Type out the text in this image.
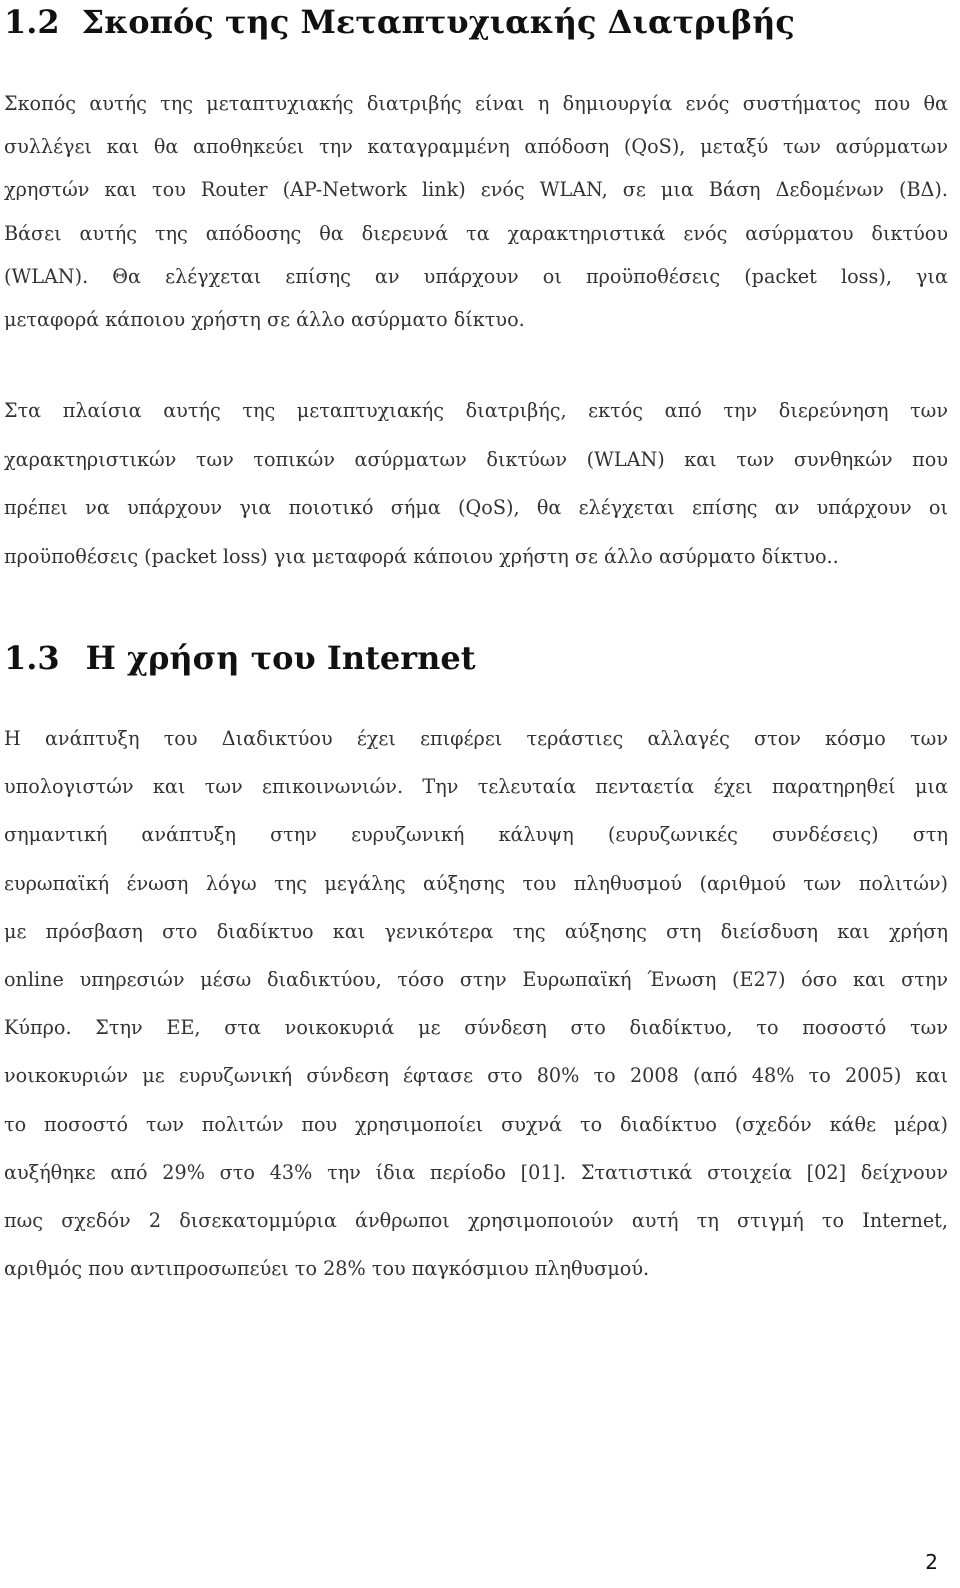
1.2 Σκοπός της Μεταπτυχιακής Διατριβής

Σκοπός αυτής της μεταπτυχιακής διατριβής είναι η δημιουργία ενός συστήματος που θα
συλλέγει και θα αποθηκεύει την καταγραμμένη απόδοση (QoS), μεταξύ των ασύρματων
χρηστών και του Router (AP-Network link) ενός WLAN, σε μια Βάση Δεδομένων (ΒΔ).
Βάσει αυτής της απόδοσης θα διερευνά τα χαρακτηριστικά ενός ασύρματου δικτύου
(WLAN). Θα ελέγχεται επίσης αν υπάρχουν οι προϋποθέσεις (packet loss), για
μεταφορά κάποιου χρήστη σε άλλο ασύρματο δίκτυο.

Στα πλαίσια αυτής της μεταπτυχιακής διατριβής, εκτός από την διερεύνηση των
χαρακτηριστικών των τοπικών ασύρματων δικτύων (WLAN) και των συνθηκών που
πρέπει να υπάρχουν για ποιοτικό σήμα (QoS), θα ελέγχεται επίσης αν υπάρχουν οι
προϋποθέσεις (packet loss) για μεταφορά κάποιου χρήστη σε άλλο ασύρματο δίκτυο..

1.3 Η χρήση του Internet

Η ανάπτυξη του Διαδικτύου έχει επιφέρει τεράστιες αλλαγές στον κόσμο των
υπολογιστών και των επικοινωνιών. Την τελευταία πενταετία έχει παρατηρηθεί μια
σημαντική ανάπτυξη στην ευρυζωνική κάλυψη (ευρυζωνικές συνδέσεις) στη
ευρωπαϊκή ένωση λόγω της μεγάλης αύξησης του πληθυσμού (αριθμού των πολιτών)
με πρόσβαση στο διαδίκτυο και γενικότερα της αύξησης στη διείσδυση και χρήση
online υπηρεσιών μέσω διαδικτύου, τόσο στην Ευρωπαϊκή Ένωση (Ε27) όσο και στην
Κύπρο. Στην ΕΕ, στα νοικοκυριά με σύνδεση στο διαδίκτυο, το ποσοστό των
νοικοκυριών με ευρυζωνική σύνδεση έφτασε στο 80% το 2008 (από 48% το 2005) και
το ποσοστό των πολιτών που χρησιμοποίει συχνά το διαδίκτυο (σχεδόν κάθε μέρα)
αυξήθηκε από 29% στο 43% την ίδια περίοδο [01]. Στατιστικά στοιχεία [02] δείχνουν
πως σχεδόν 2 δισεκατομμύρια άνθρωποι χρησιμοποιούν αυτή τη στιγμή το Internet,
αριθμός που αντιπροσωπεύει το 28% του παγκόσμιου πληθυσμού.

2
